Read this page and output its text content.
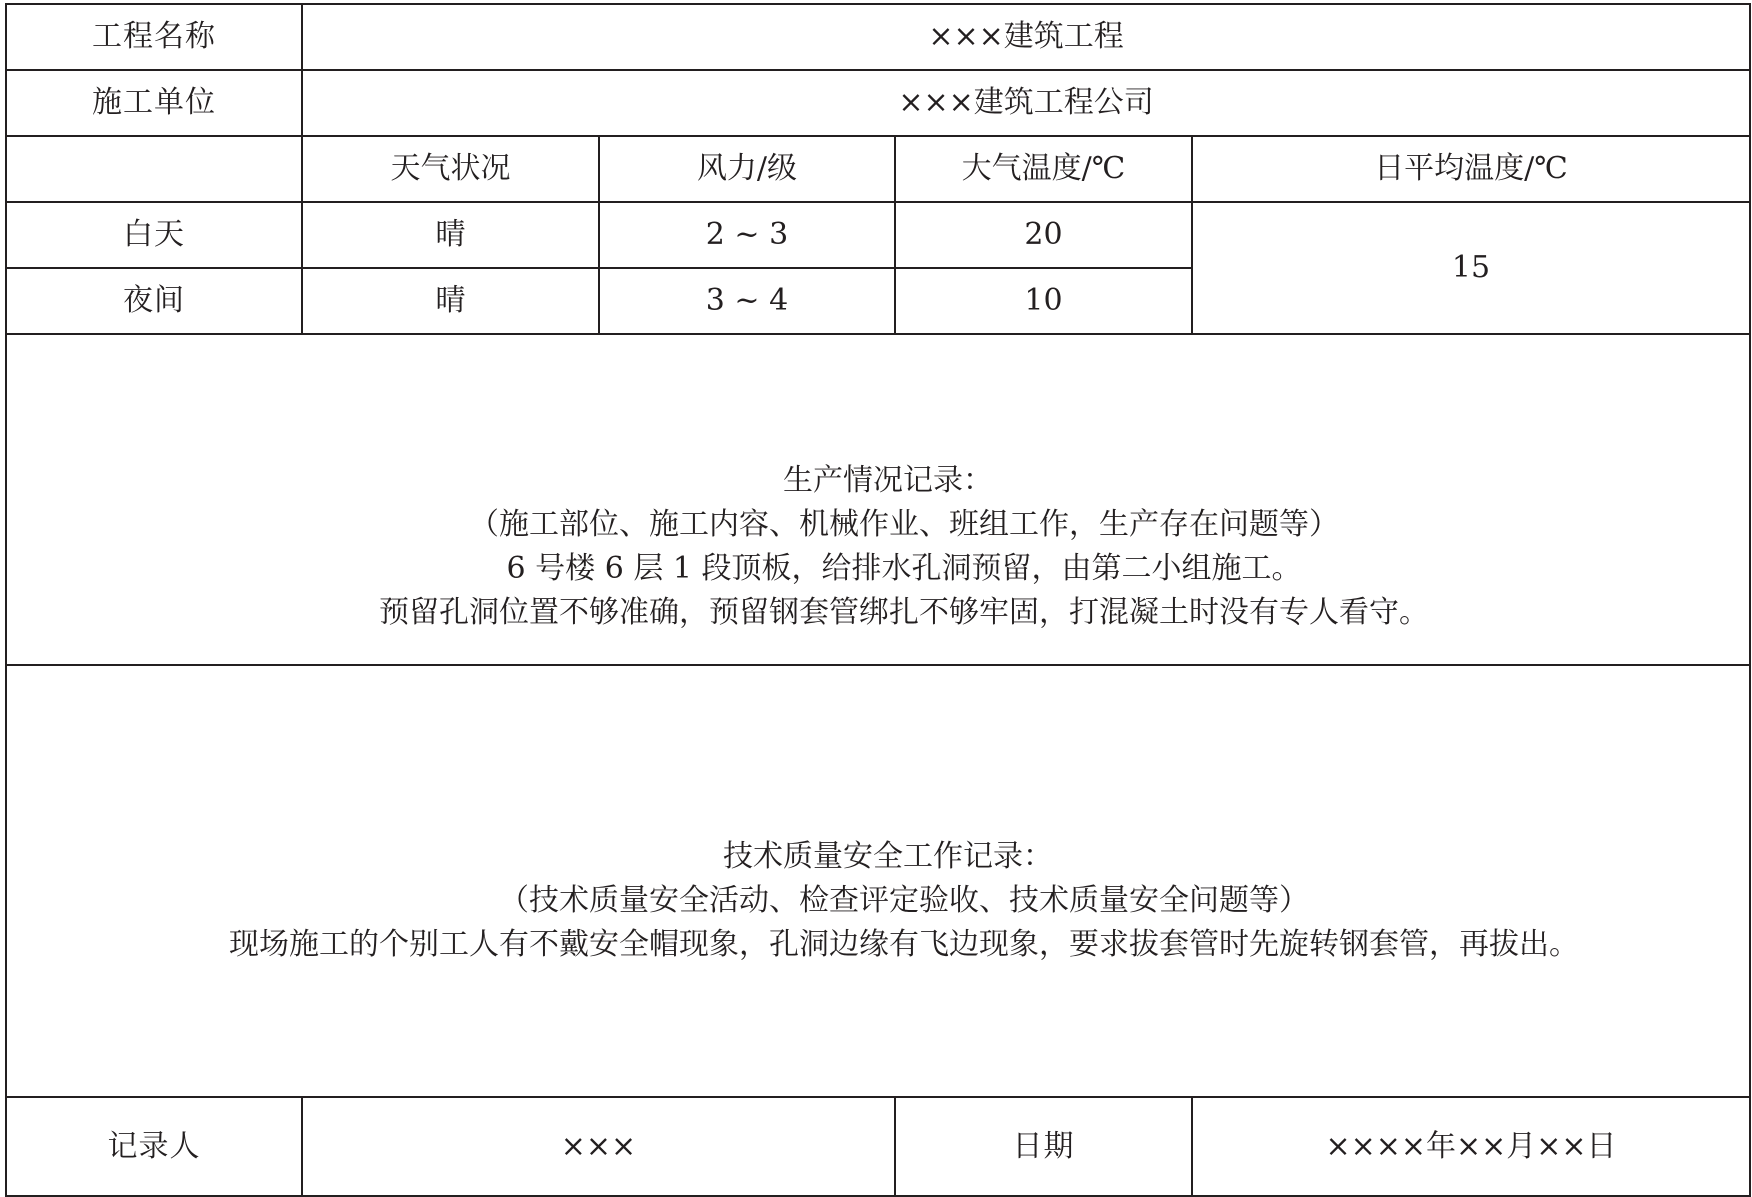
工程名称	×××建筑工程			
施工单位	×××建筑工程公司			
	天气状况	风力/级	大气温度/℃	日平均温度/℃
白天	晴	2 ~ 3	20	15
夜间	晴	3 ~ 4	10	

生产情况记录：
（施工部位、施工内容、机械作业、班组工作，生产存在问题等）
6 号楼 6 层 1 段顶板，给排水孔洞预留，由第二小组施工。
预留孔洞位置不够准确，预留钢套管绑扎不够牢固，打混凝土时没有专人看守。				

技术质量安全工作记录：
（技术质量安全活动、检查评定验收、技术质量安全问题等）
现场施工的个别工人有不戴安全帽现象，孔洞边缘有飞边现象，要求拔套管时先旋转钢套管，再拔出。				

记录人	×××		日期	××××年××月××日
